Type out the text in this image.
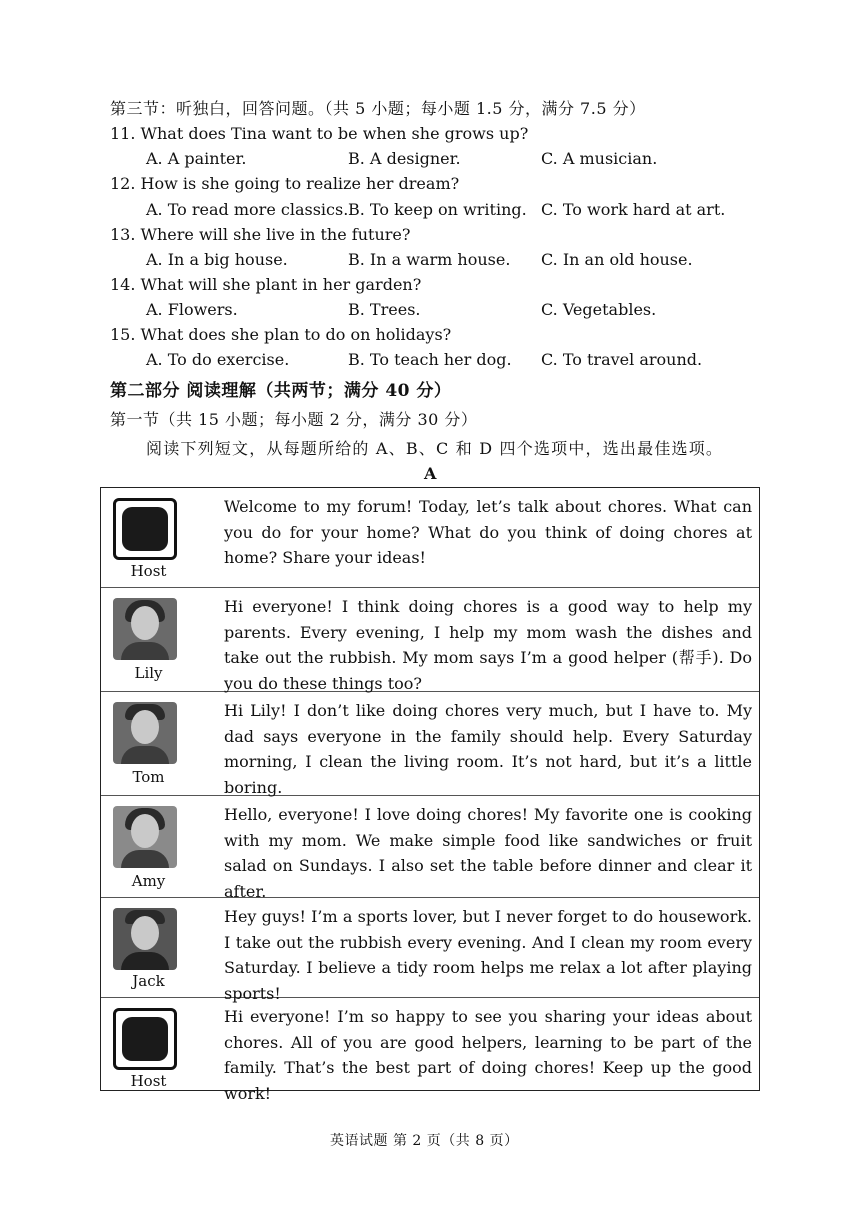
第三节：听独白，回答问题。（共 5 小题；每小题 1.5 分，满分 7.5 分）
11. What does Tina want to be when she grows up?
A. A painter.	B. A designer.	C. A musician.
12. How is she going to realize her dream?
A. To read more classics. B. To keep on writing. C. To work hard at art.
13. Where will she live in the future?
A. In a big house.	B. In a warm house. C. In an old house.
14. What will she plant in her garden?
A. Flowers.	B. Trees.	C. Vegetables.
15. What does she plan to do on holidays?
A. To do exercise.	B. To teach her dog. C. To travel around.
第二部分 阅读理解（共两节；满分 40 分）
第一节（共 15 小题；每小题 2 分，满分 30 分）
阅读下列短文，从每题所给的 A、B、C 和 D 四个选项中，选出最佳选项。
A
Host
Welcome to my forum! Today, let’s talk about chores. What can you do for your home? What do you think of doing chores at home? Share your ideas!
Lily
Hi everyone! I think doing chores is a good way to help my parents. Every evening, I help my mom wash the dishes and take out the rubbish. My mom says I’m a good helper (帮手). Do you do these things too?
Tom
Hi Lily! I don’t like doing chores very much, but I have to. My dad says everyone in the family should help. Every Saturday morning, I clean the living room. It’s not hard, but it’s a little boring.
Amy
Hello, everyone! I love doing chores! My favorite one is cooking with my mom. We make simple food like sandwiches or fruit salad on Sundays. I also set the table before dinner and clear it after.
Jack
Hey guys! I’m a sports lover, but I never forget to do housework. I take out the rubbish every evening. And I clean my room every Saturday. I believe a tidy room helps me relax a lot after playing sports!
Host
Hi everyone! I’m so happy to see you sharing your ideas about chores. All of you are good helpers, learning to be part of the family. That’s the best part of doing chores! Keep up the good work!
英语试题 第 2 页（共 8 页）
